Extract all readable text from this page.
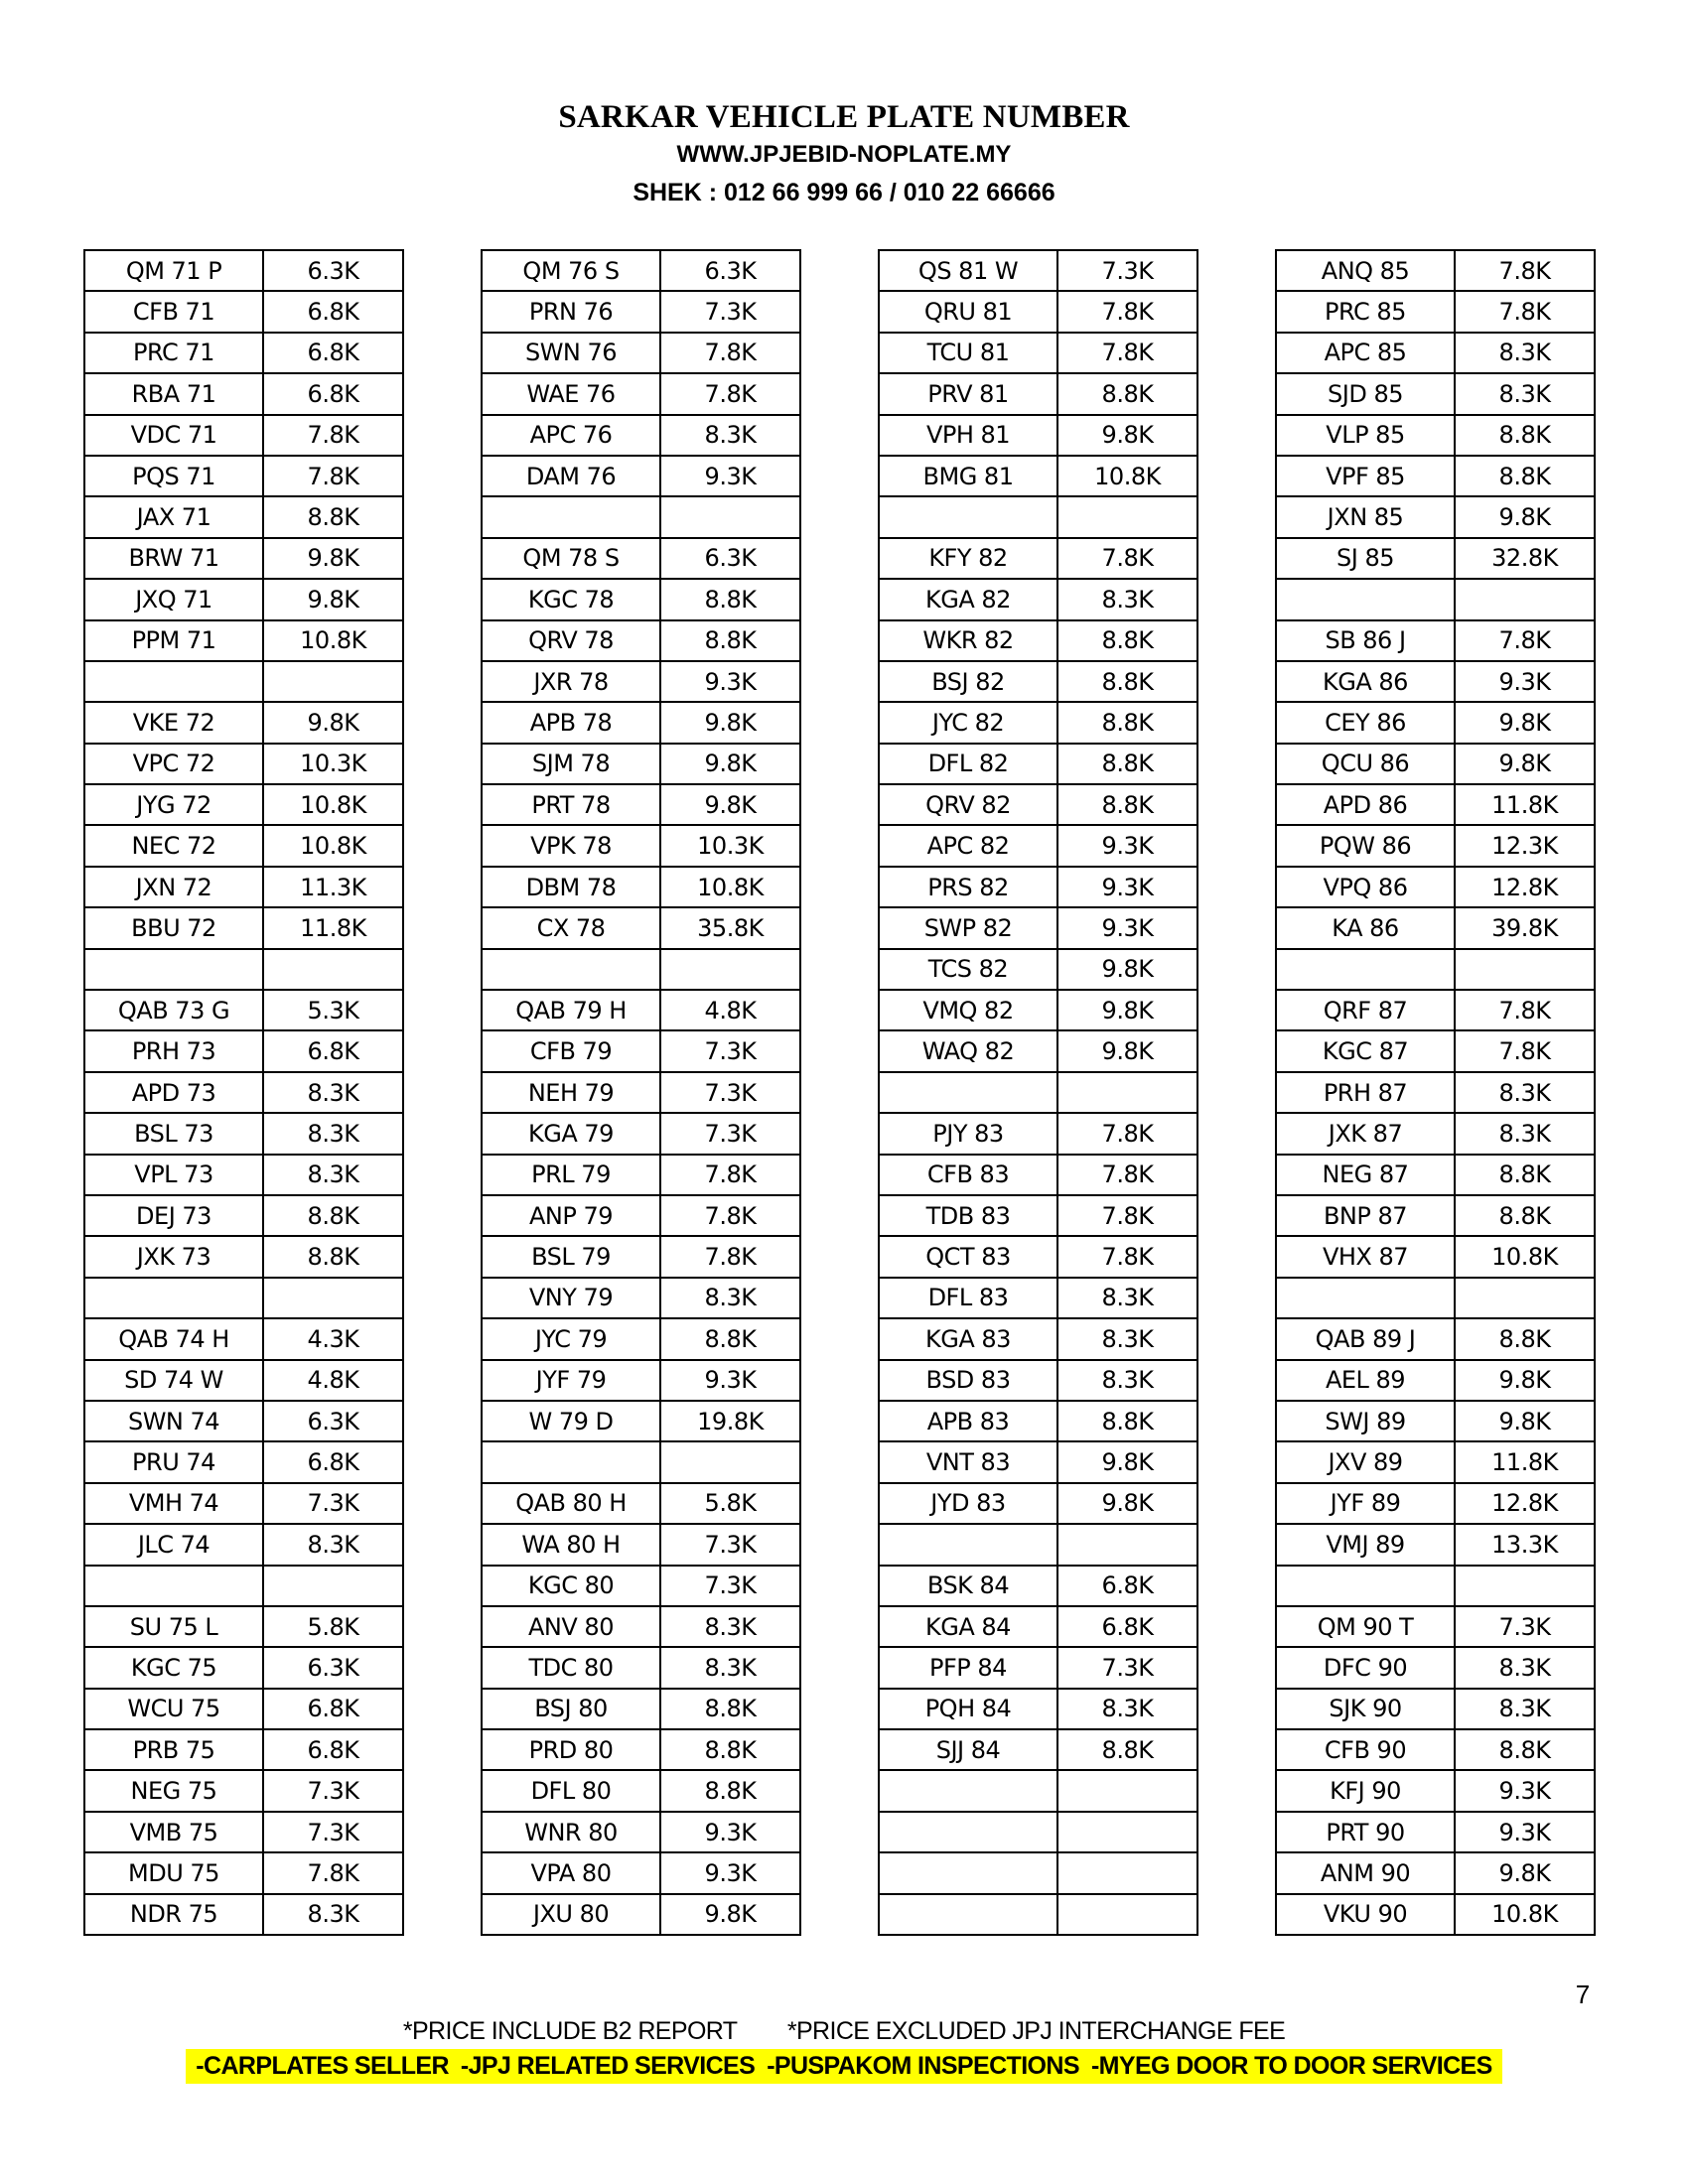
SARKAR VEHICLE PLATE NUMBER
WWW.JPJEBID-NOPLATE.MY
SHEK : 012 66 999 66 / 010 22 66666
QM 71 P	6.3K
CFB 71	6.8K
PRC 71	6.8K
RBA 71	6.8K
VDC 71	7.8K
PQS 71	7.8K
JAX 71	8.8K
BRW 71	9.8K
JXQ 71	9.8K
PPM 71	10.8K

VKE 72	9.8K
VPC 72	10.3K
JYG 72	10.8K
NEC 72	10.8K
JXN 72	11.3K
BBU 72	11.8K

QAB 73 G	5.3K
PRH 73	6.8K
APD 73	8.3K
BSL 73	8.3K
VPL 73	8.3K
DEJ 73	8.8K
JXK 73	8.8K

QAB 74 H	4.3K
SD 74 W	4.8K
SWN 74	6.3K
PRU 74	6.8K
VMH 74	7.3K
JLC 74	8.3K

SU 75 L	5.8K
KGC 75	6.3K
WCU 75	6.8K
PRB 75	6.8K
NEG 75	7.3K
VMB 75	7.3K
MDU 75	7.8K
NDR 75	8.3K
QM 76 S	6.3K
PRN 76	7.3K
SWN 76	7.8K
WAE 76	7.8K
APC 76	8.3K
DAM 76	9.3K

QM 78 S	6.3K
KGC 78	8.8K
QRV 78	8.8K
JXR 78	9.3K
APB 78	9.8K
SJM 78	9.8K
PRT 78	9.8K
VPK 78	10.3K
DBM 78	10.8K
CX 78	35.8K

QAB 79 H	4.8K
CFB 79	7.3K
NEH 79	7.3K
KGA 79	7.3K
PRL 79	7.8K
ANP 79	7.8K
BSL 79	7.8K
VNY 79	8.3K
JYC 79	8.8K
JYF 79	9.3K
W 79 D	19.8K

QAB 80 H	5.8K
WA 80 H	7.3K
KGC 80	7.3K
ANV 80	8.3K
TDC 80	8.3K
BSJ 80	8.8K
PRD 80	8.8K
DFL 80	8.8K
WNR 80	9.3K
VPA 80	9.3K
JXU 80	9.8K
QS 81 W	7.3K
QRU 81	7.8K
TCU 81	7.8K
PRV 81	8.8K
VPH 81	9.8K
BMG 81	10.8K

KFY 82	7.8K
KGA 82	8.3K
WKR 82	8.8K
BSJ 82	8.8K
JYC 82	8.8K
DFL 82	8.8K
QRV 82	8.8K
APC 82	9.3K
PRS 82	9.3K
SWP 82	9.3K
TCS 82	9.8K
VMQ 82	9.8K
WAQ 82	9.8K

PJY 83	7.8K
CFB 83	7.8K
TDB 83	7.8K
QCT 83	7.8K
DFL 83	8.3K
KGA 83	8.3K
BSD 83	8.3K
APB 83	8.8K
VNT 83	9.8K
JYD 83	9.8K

BSK 84	6.8K
KGA 84	6.8K
PFP 84	7.3K
PQH 84	8.3K
SJJ 84	8.8K

ANQ 85	7.8K
PRC 85	7.8K
APC 85	8.3K
SJD 85	8.3K
VLP 85	8.8K
VPF 85	8.8K
JXN 85	9.8K
SJ 85	32.8K

SB 86 J	7.8K
KGA 86	9.3K
CEY 86	9.8K
QCU 86	9.8K
APD 86	11.8K
PQW 86	12.3K
VPQ 86	12.8K
KA 86	39.8K

QRF 87	7.8K
KGC 87	7.8K
PRH 87	8.3K
JXK 87	8.3K
NEG 87	8.8K
BNP 87	8.8K
VHX 87	10.8K

QAB 89 J	8.8K
AEL 89	9.8K
SWJ 89	9.8K
JXV 89	11.8K
JYF 89	12.8K
VMJ 89	13.3K

QM 90 T	7.3K
DFC 90	8.3K
SJK 90	8.3K
CFB 90	8.8K
KFJ 90	9.3K
PRT 90	9.3K
ANM 90	9.8K
VKU 90	10.8K
7
*PRICE INCLUDE B2 REPORT *PRICE EXCLUDED JPJ INTERCHANGE FEE
-CARPLATES SELLER -JPJ RELATED SERVICES -PUSPAKOM INSPECTIONS -MYEG DOOR TO DOOR SERVICES
